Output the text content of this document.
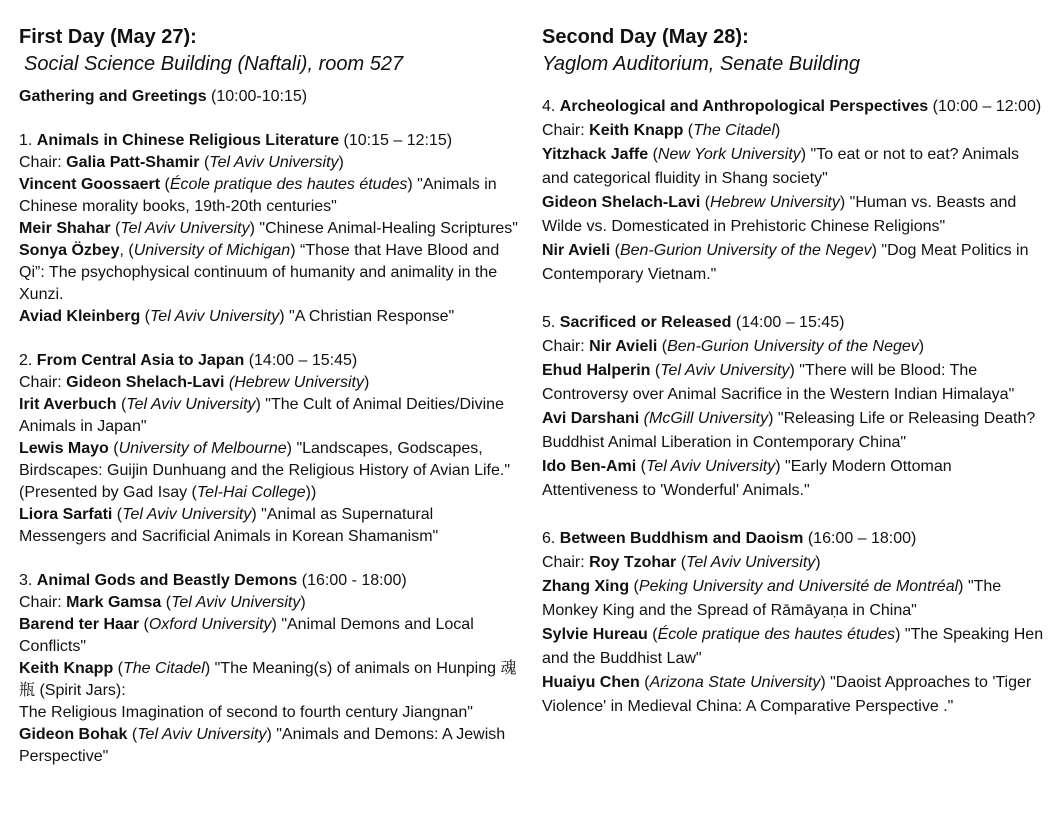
First Day (May 27):

Social Science Building (Naftali), room 527

Gathering and Greetings (10:00-10:15)

1. Animals in Chinese Religious Literature (10:15 – 12:15)
Chair: Galia Patt-Shamir (Tel Aviv University)
Vincent Goossaert (École pratique des hautes études) "Animals in Chinese morality books, 19th-20th centuries"
Meir Shahar (Tel Aviv University) "Chinese Animal-Healing Scriptures"
Sonya Özbey, (University of Michigan) “Those that Have Blood and Qi”: The psychophysical continuum of humanity and animality in the Xunzi.
Aviad Kleinberg (Tel Aviv University) "A Christian Response"
2. From Central Asia to Japan (14:00 – 15:45)
Chair: Gideon Shelach-Lavi (Hebrew University)
Irit Averbuch (Tel Aviv University) "The Cult of Animal Deities/Divine Animals in Japan"
Lewis Mayo (University of Melbourne) "Landscapes, Godscapes, Birdscapes: Guijin Dunhuang and the Religious History of Avian Life." (Presented by Gad Isay (Tel-Hai College))
Liora Sarfati (Tel Aviv University) "Animal as Supernatural Messengers and Sacrificial Animals in Korean Shamanism"
3. Animal Gods and Beastly Demons (16:00 - 18:00)
Chair: Mark Gamsa (Tel Aviv University)
Barend ter Haar (Oxford University) "Animal Demons and Local Conflicts"
Keith Knapp (The Citadel) "The Meaning(s) of animals on Hunping 魂瓶 (Spirit Jars):
The Religious Imagination of second to fourth century Jiangnan"
Gideon Bohak (Tel Aviv University) "Animals and Demons: A Jewish Perspective"
Second Day (May 28):

Yaglom Auditorium, Senate Building

4. Archeological and Anthropological Perspectives (10:00 – 12:00)
Chair: Keith Knapp (The Citadel)
Yitzhack Jaffe (New York University) "To eat or not to eat? Animals and categorical fluidity in Shang society"
Gideon Shelach-Lavi (Hebrew University) "Human vs. Beasts and Wilde vs. Domesticated in Prehistoric Chinese Religions"
Nir Avieli (Ben-Gurion University of the Negev) "Dog Meat Politics in Contemporary Vietnam."
5. Sacrificed or Released (14:00 – 15:45)
Chair: Nir Avieli (Ben-Gurion University of the Negev)
Ehud Halperin (Tel Aviv University) "There will be Blood: The Controversy over Animal Sacrifice in the Western Indian Himalaya"
Avi Darshani (McGill University) "Releasing Life or Releasing Death? Buddhist Animal Liberation in Contemporary China"
Ido Ben-Ami (Tel Aviv University) "Early Modern Ottoman Attentiveness to 'Wonderful' Animals."
6. Between Buddhism and Daoism (16:00 – 18:00)
Chair: Roy Tzohar (Tel Aviv University)
Zhang Xing (Peking University and Université de Montréal) "The Monkey King and the Spread of Rāmāyaṇa in China"
Sylvie Hureau (École pratique des hautes études) "The Speaking Hen and the Buddhist Law"
Huaiyu Chen (Arizona State University) "Daoist Approaches to 'Tiger Violence' in Medieval China: A Comparative Perspective ."
